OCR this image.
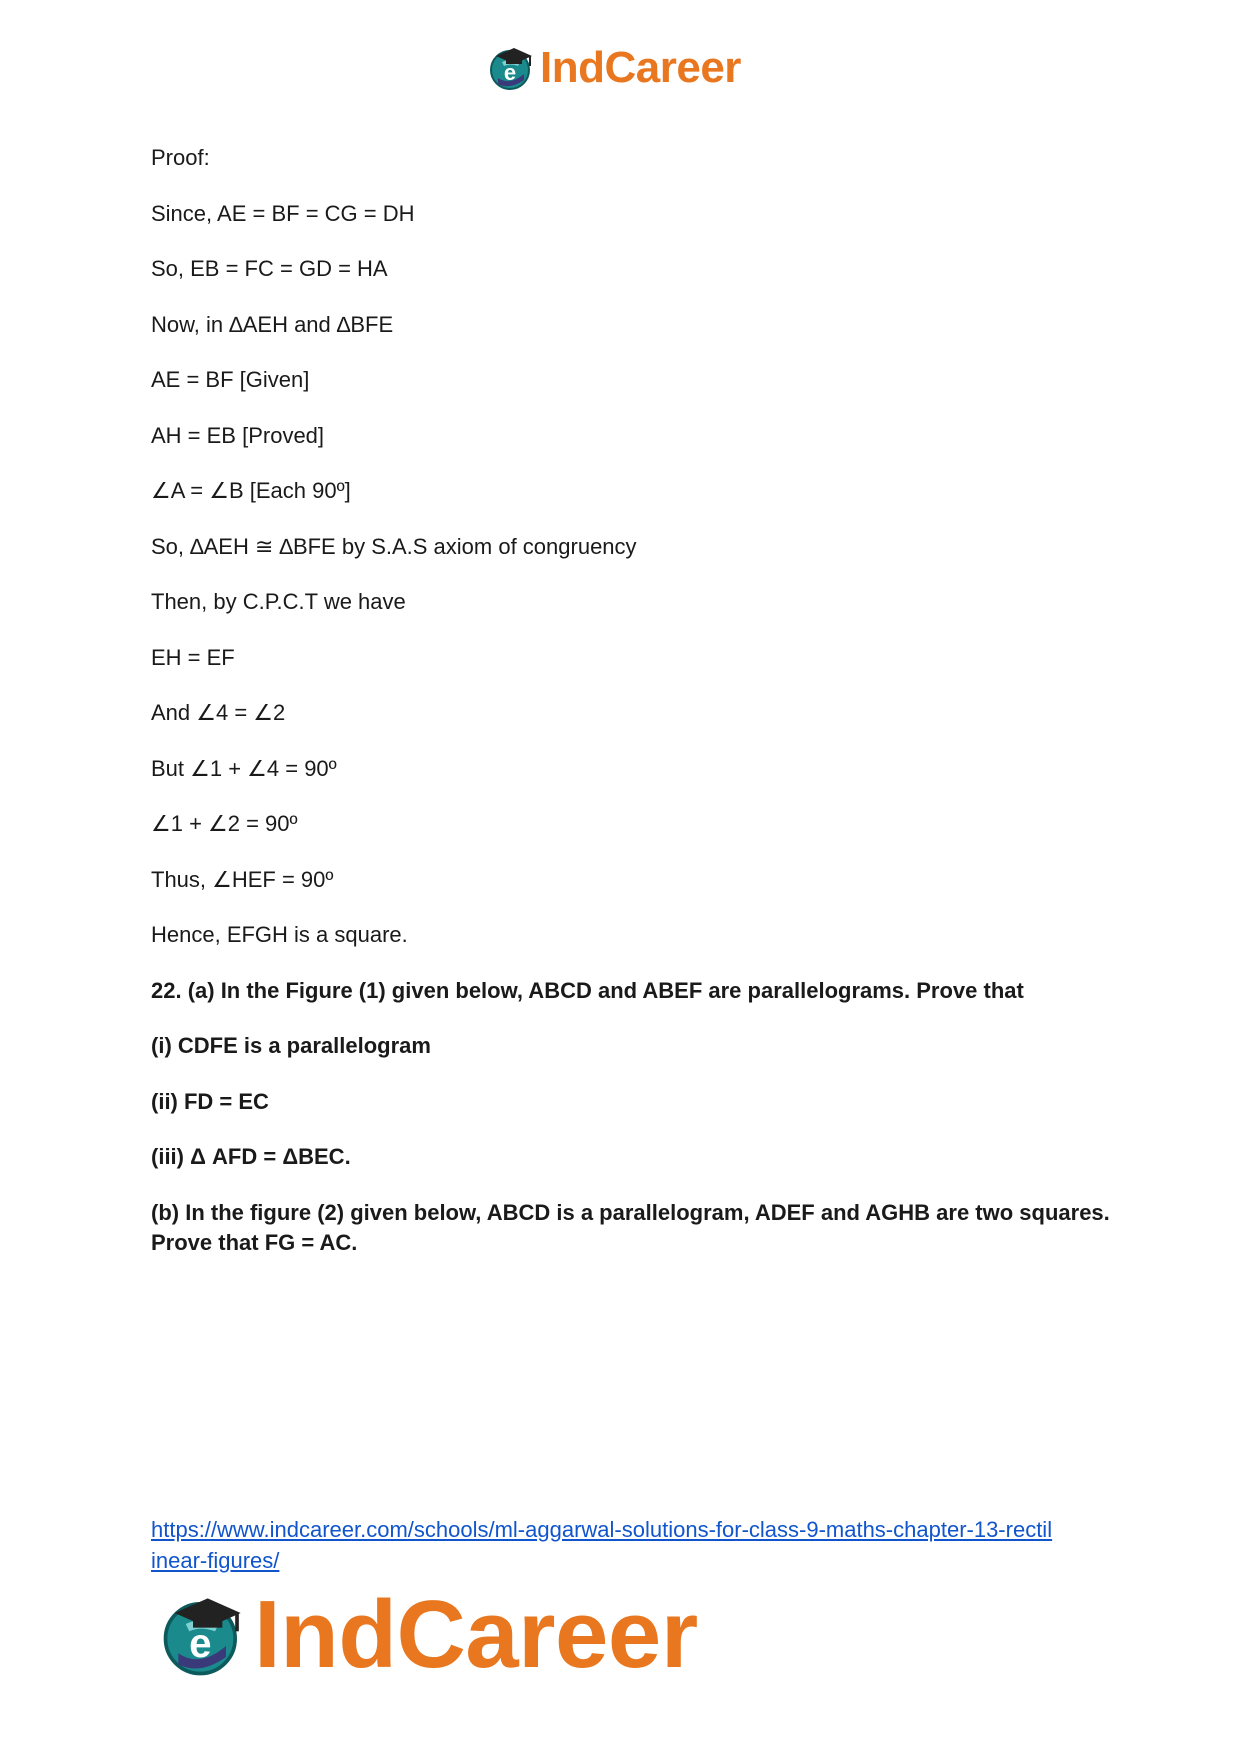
e IndCareer

Proof:

Since, AE = BF = CG = DH

So, EB = FC = GD = HA

Now, in ∆AEH and ∆BFE

AE = BF [Given]

AH = EB [Proved]

∠A = ∠B [Each 90º]

So, ∆AEH ≅ ∆BFE by S.A.S axiom of congruency

Then, by C.P.C.T we have

EH = EF

And ∠4 = ∠2

But ∠1 + ∠4 = 90º

∠1 + ∠2 = 90º

Thus, ∠HEF = 90º

Hence, EFGH is a square.

22. (a) In the Figure (1) given below, ABCD and ABEF are parallelograms. Prove that

(i) CDFE is a parallelogram

(ii) FD = EC

(iii) Δ AFD = ΔBEC.

(b) In the figure (2) given below, ABCD is a parallelogram, ADEF and AGHB are two squares. Prove that FG = AC.

https://www.indcareer.com/schools/ml-aggarwal-solutions-for-class-9-maths-chapter-13-rectil
inear-figures/
e IndCareer
